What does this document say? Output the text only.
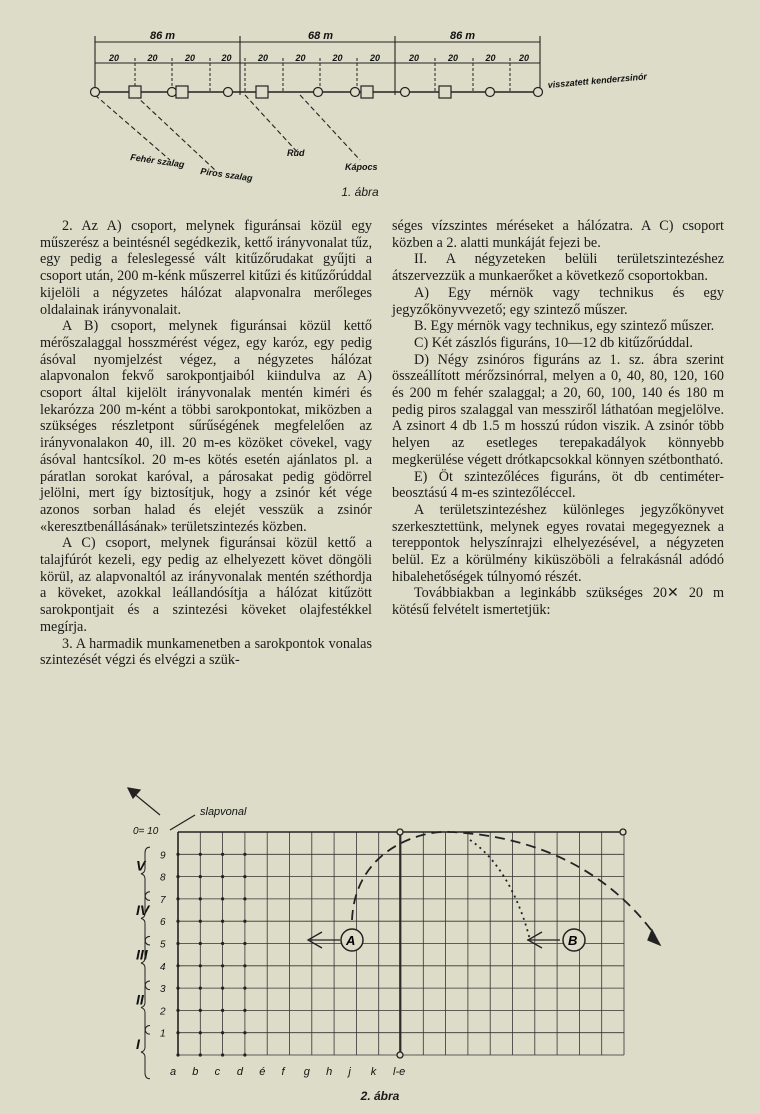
86 m	68 m	86 m
20	20	20	20	20	20	20	20	20	20	20	20
Fehér szalag
Piros szalag
Rúd
Kápocs
visszatett kenderzsinór
1. ábra

2. Az A) csoport, melynek figuránsai közül egy műszerész a beintésnél segédkezik, kettő irányvonalat tűz, egy pedig a feleslegessé vált kitűzőrudakat gyűjti a csoport után, 200 m-kénk műszerrel kitűzi és kitűzőrúddal kijelöli a négyzetes hálózat alapvonalra merőleges oldalainak irányvonalait.

A B) csoport, melynek figuránsai közül kettő mérőszalaggal hosszmérést végez, egy karóz, egy pedig ásóval nyomjelzést végez, a négyzetes hálózat alapvonalon fekvő sarokpontjaiból kiindulva az A) csoport által kijelölt irányvonalak mentén kiméri és lekarózza 200 m-ként a többi sarokpontokat, miközben a szükséges részletpont sűrűségének megfelelően az irányvonalakon 40, ill. 20 m-es közöket cövekel, vagy ásóval hantcsíkol. 20 m-es kötés esetén ajánlatos pl. a páratlan sorokat karóval, a párosakat pedig gödörrel jelölni, mert így biztosítjuk, hogy a zsinór két vége azonos sorban halad és elejét vesszük a zsinór «keresztbenállásának» területszintezés közben.

A C) csoport, melynek figuránsai közül kettő a talajfúrót kezeli, egy pedig az elhelyezett követ döngöli körül, az alapvonaltól az irányvonalak mentén széthordja a köveket, azokkal leállandósítja a hálózat kitűzött sarokpontjait és a szintezési köveket olajfestékkel megírja.

3. A harmadik munkamenetben a sarokpontok vonalas szintezését végzi és elvégzi a szük-

séges vízszintes méréseket a hálózatra. A C) csoport közben a 2. alatti munkáját fejezi be.

II. A négyzeteken belüli területszintezéshez átszervezzük a munkaerőket a következő csoportokban.

A) Egy mérnök vagy technikus és egy jegyzőkönyvvezető; egy szintező műszer.

B. Egy mérnök vagy technikus, egy szintező műszer.

C) Két zászlós figuráns, 10—12 db kitűzőrúddal.

D) Négy zsinóros figuráns az 1. sz. ábra szerint összeállított mérőzsinórral, melyen a 0, 40, 80, 120, 160 és 200 m fehér szalaggal; a 20, 60, 100, 140 és 180 m pedig piros szalaggal van messziről láthatóan megjelölve. A zsinort 4 db 1.5 m hosszú rúdon viszik. A zsinór több helyen az esetleges terepakadályok könnyebb megkerülése végett drótkapcsokkal könnyen szétbontható.

E) Öt szintezőléces figuráns, öt db centiméter-beosztású 4 m-es szintezőléccel.

A területszintezéshez különleges jegyzőkönyvet szerkesztettünk, melynek egyes rovatai megegyeznek a tereppontok helyszínrajzi elhelyezésével, a négyzeten belül. Ez a körülmény kiküszöböli a felrakásnál adódó hibalehetőségek túlnyomó részét.

Továbbiakban a leginkább szükséges 20✕ 20 m kötésű felvételt ismertetjük:

9
8
7
6
5
4
3
2
1
V
IV
III
II
I
a b c d é f g h j k l-e
A	B
slapvonal
0= 10
2. ábra
